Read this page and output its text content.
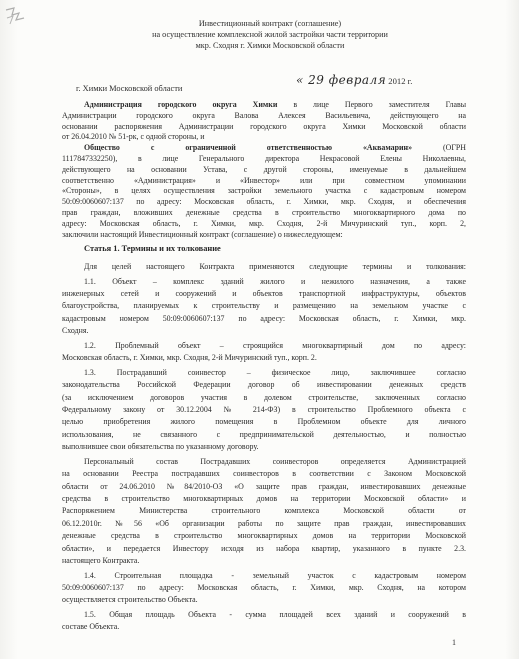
Инвестиционный контракт (соглашение)
на осуществление комплексной жилой застройки части территории
мкр. Сходня г. Химки Московской области
г. Химки Московской области
« 29 февраля 2012 г.
Администрация городского округа Химки в лице Первого заместителя Главы
Администрации городского округа Валова Алексея Васильевича, действующего на
основании распоряжения Администрации городского округа Химки Московской области
от 26.04.2010 № 51-рк, с одной стороны, и
Общество с ограниченной ответственностью «Аквамарин» (ОГРН
1117847332250), в лице Генерального директора Некрасовой Елены Николаевны,
действующего на основании Устава, с другой стороны, именуемые в дальнейшем
соответственно «Администрация» и «Инвестор» или при совместном упоминании
«Стороны», в целях осуществления застройки земельного участка с кадастровым номером
50:09:0060607:137 по адресу: Московская область, г. Химки, мкр. Сходня, и обеспечения
прав граждан, вложивших денежные средства в строительство многоквартирного дома по
адресу: Московская область, г. Химки, мкр. Сходня, 2-й Мичуринский туп., корп. 2,
заключили настоящий Инвестиционный контракт (соглашение) о нижеследующем:
Статья 1. Термины и их толкование
Для целей настоящего Контракта применяются следующие термины и толкования:
1.1. Объект – комплекс зданий жилого и нежилого назначения, а также
инженерных сетей и сооружений и объектов транспортной инфраструктуры, объектов
благоустройства, планируемых к строительству и размещению на земельном участке с
кадастровым номером 50:09:0060607:137 по адресу: Московская область, г. Химки, мкр.
Сходня.
1.2. Проблемный объект – строящийся многоквартирный дом по адресу:
Московская область, г. Химки, мкр. Сходня, 2-й Мичуринский туп., корп. 2.
1.3. Пострадавший соинвестор – физическое лицо, заключившее согласно
законодательства Российской Федерации договор об инвестировании денежных средств
(за исключением договоров участия в долевом строительстве, заключенных согласно
Федеральному закону от 30.12.2004 № 214-ФЗ) в строительство Проблемного объекта с
целью приобретения жилого помещения в Проблемном объекте для личного
использования, не связанного с предпринимательской деятельностью, и полностью
выполнившее свои обязательства по указанному договору.
Персональный состав Пострадавших соинвесторов определяется Администрацией
на основании Реестра пострадавших соинвесторов в соответствии с Законом Московской
области от 24.06.2010 №84/2010-ОЗ «О защите прав граждан, инвестировавших денежные
средства в строительство многоквартирных домов на территории Московской области» и
Распоряжением Министерства строительного комплекса Московской области от
06.12.2010г. №56 «Об организации работы по защите прав граждан, инвестировавших
денежные средства в строительство многоквартирных домов на территории Московской
области», и передается Инвестору исходя из набора квартир, указанного в пункте 2.3.
настоящего Контракта.
1.4. Строительная площадка - земельный участок с кадастровым номером
50:09:0060607:137 по адресу: Московская область, г. Химки, мкр. Сходня, на котором
осуществляется строительство Объекта.
1.5. Общая площадь Объекта - сумма площадей всех зданий и сооружений в
составе Объекта.
1
